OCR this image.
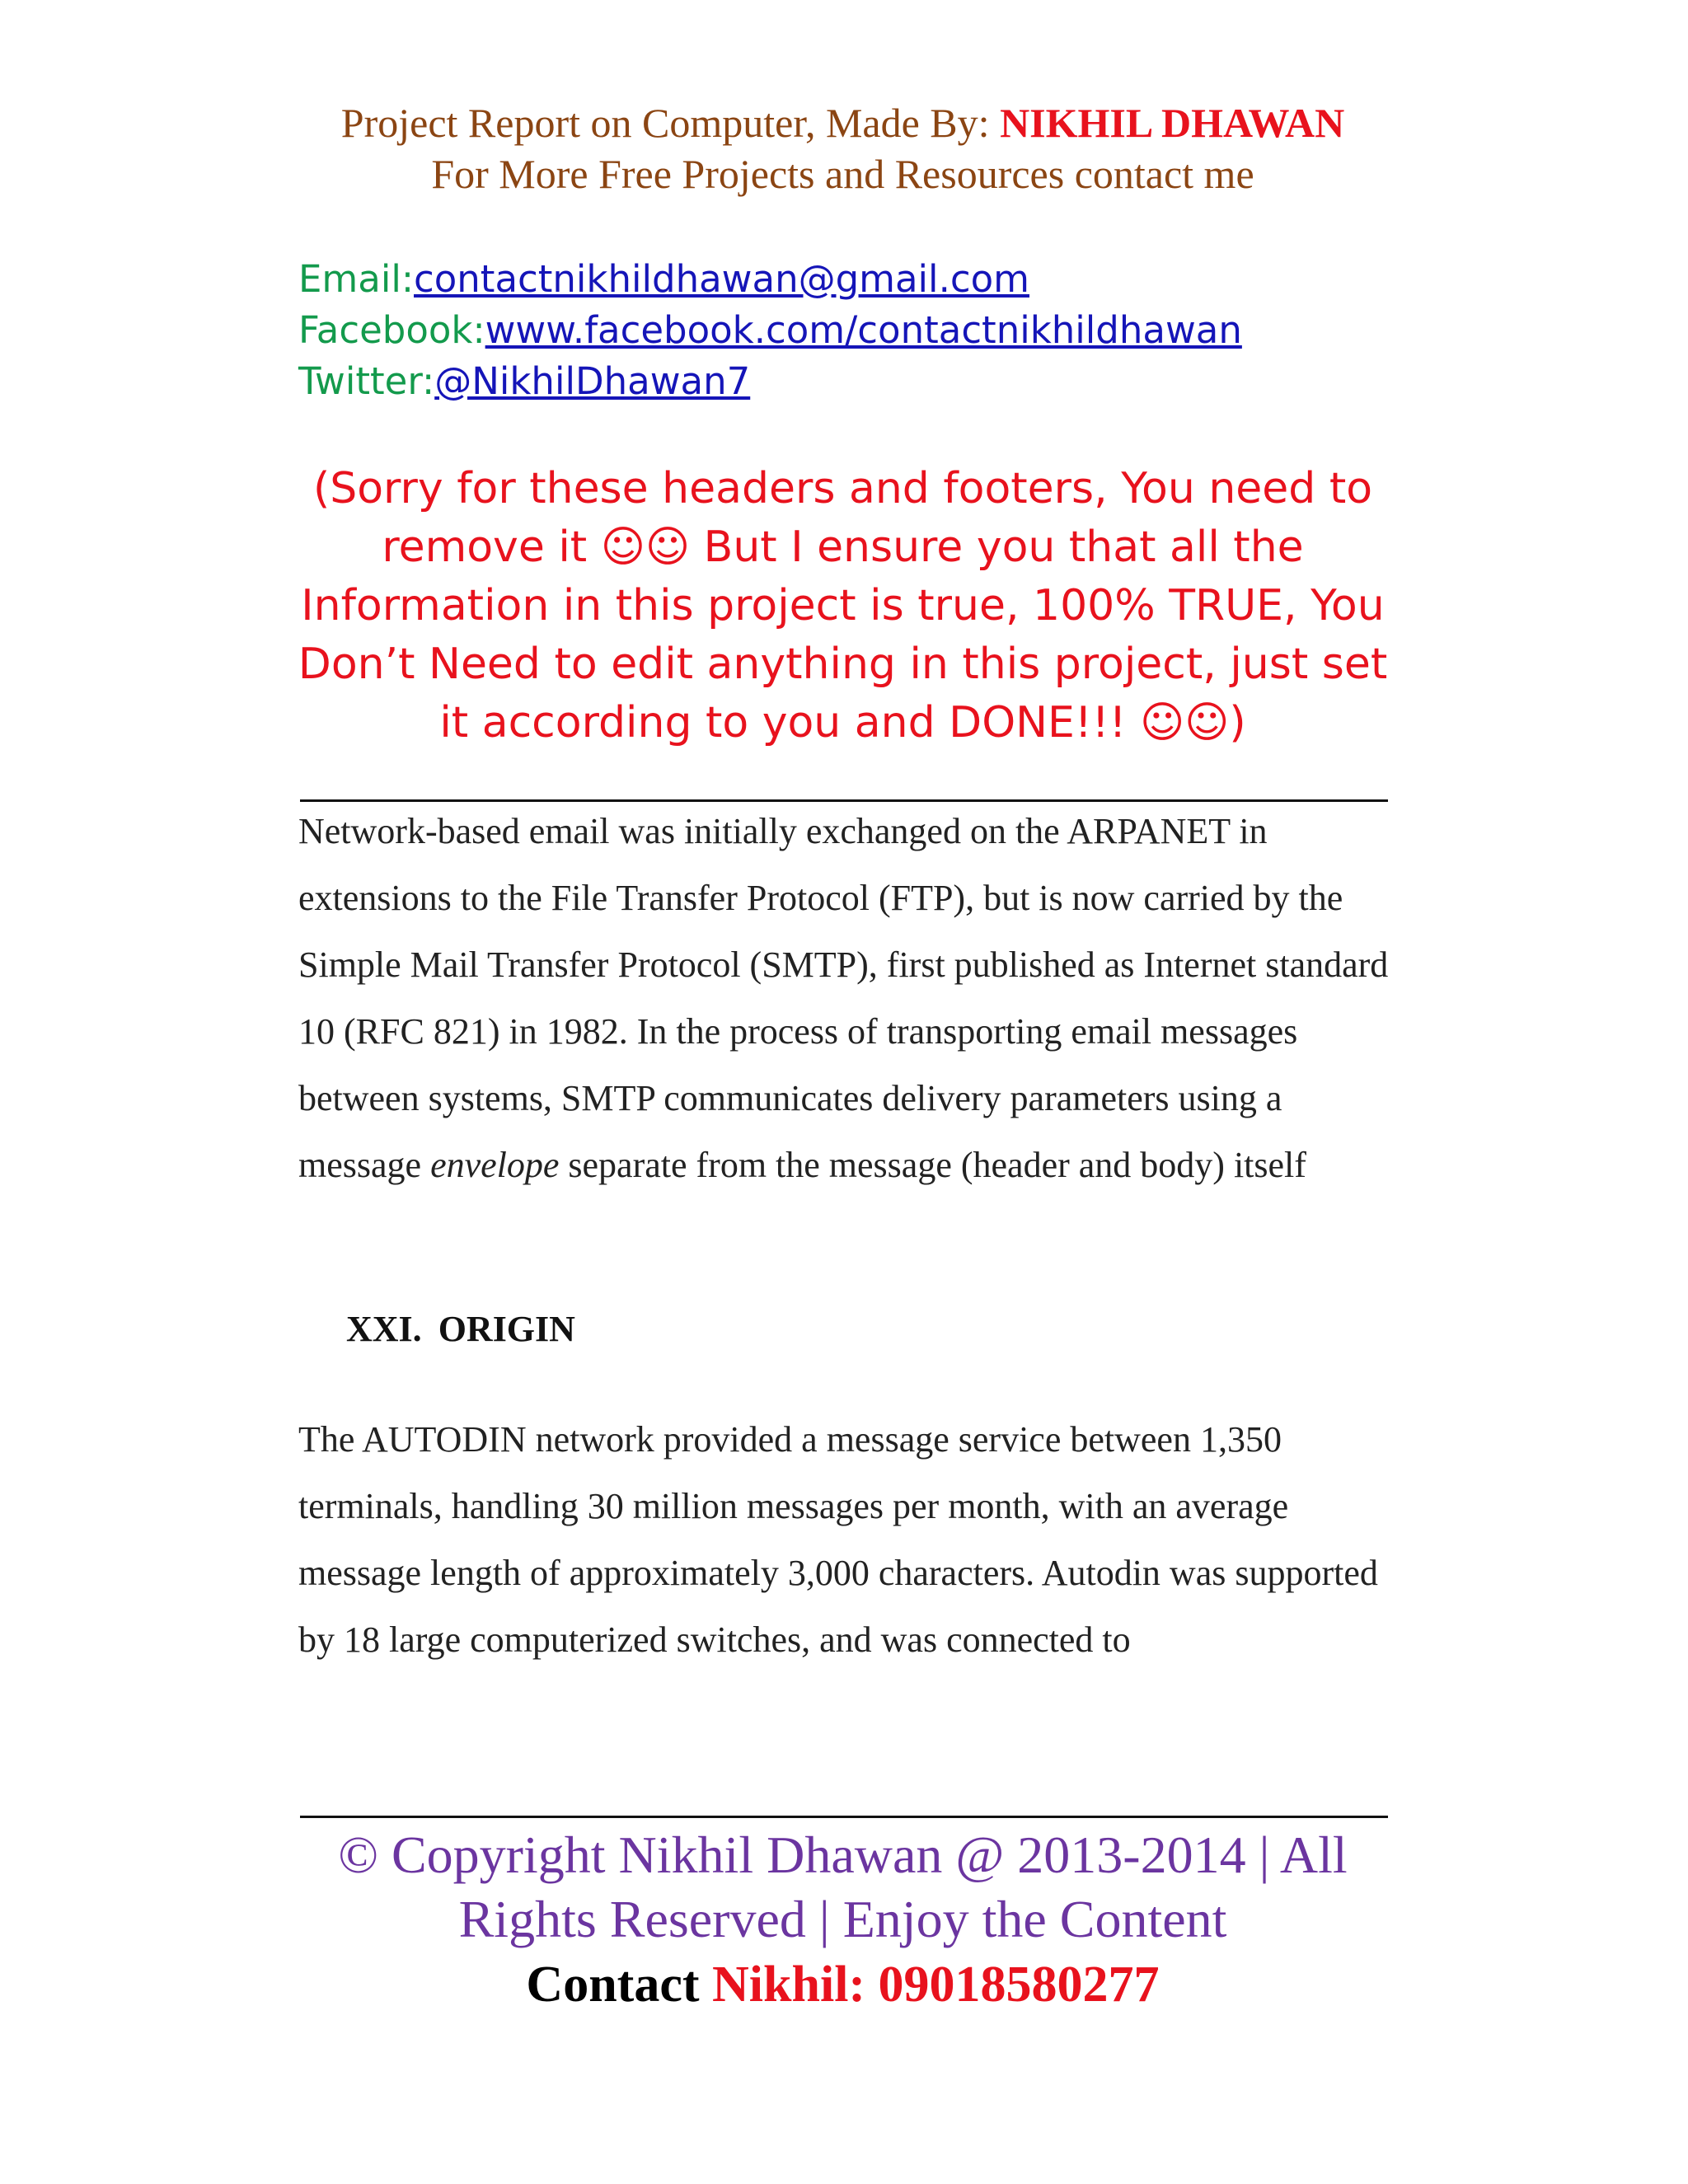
Project Report on Computer, Made By: NIKHIL DHAWAN
For More Free Projects and Resources contact me
Email:contactnikhildhawan@gmail.com
Facebook:www.facebook.com/contactnikhildhawan
Twitter:@NikhilDhawan7
(Sorry for these headers and footers, You need to remove it ☺☺ But I ensure you that all the Information in this project is true, 100% TRUE, You Don’t Need to edit anything in this project, just set it according to you and DONE!!! ☺☺)
Network-based email was initially exchanged on the ARPANET in extensions to the File Transfer Protocol (FTP), but is now carried by the Simple Mail Transfer Protocol (SMTP), first published as Internet standard 10 (RFC 821) in 1982. In the process of transporting email messages between systems, SMTP communicates delivery parameters using a message envelope separate from the message (header and body) itself
XXI. ORIGIN
The AUTODIN network provided a message service between 1,350 terminals, handling 30 million messages per month, with an average message length of approximately 3,000 characters. Autodin was supported by 18 large computerized switches, and was connected to
© Copyright Nikhil Dhawan @ 2013-2014 | All Rights Reserved | Enjoy the Content
Contact Nikhil: 09018580277
